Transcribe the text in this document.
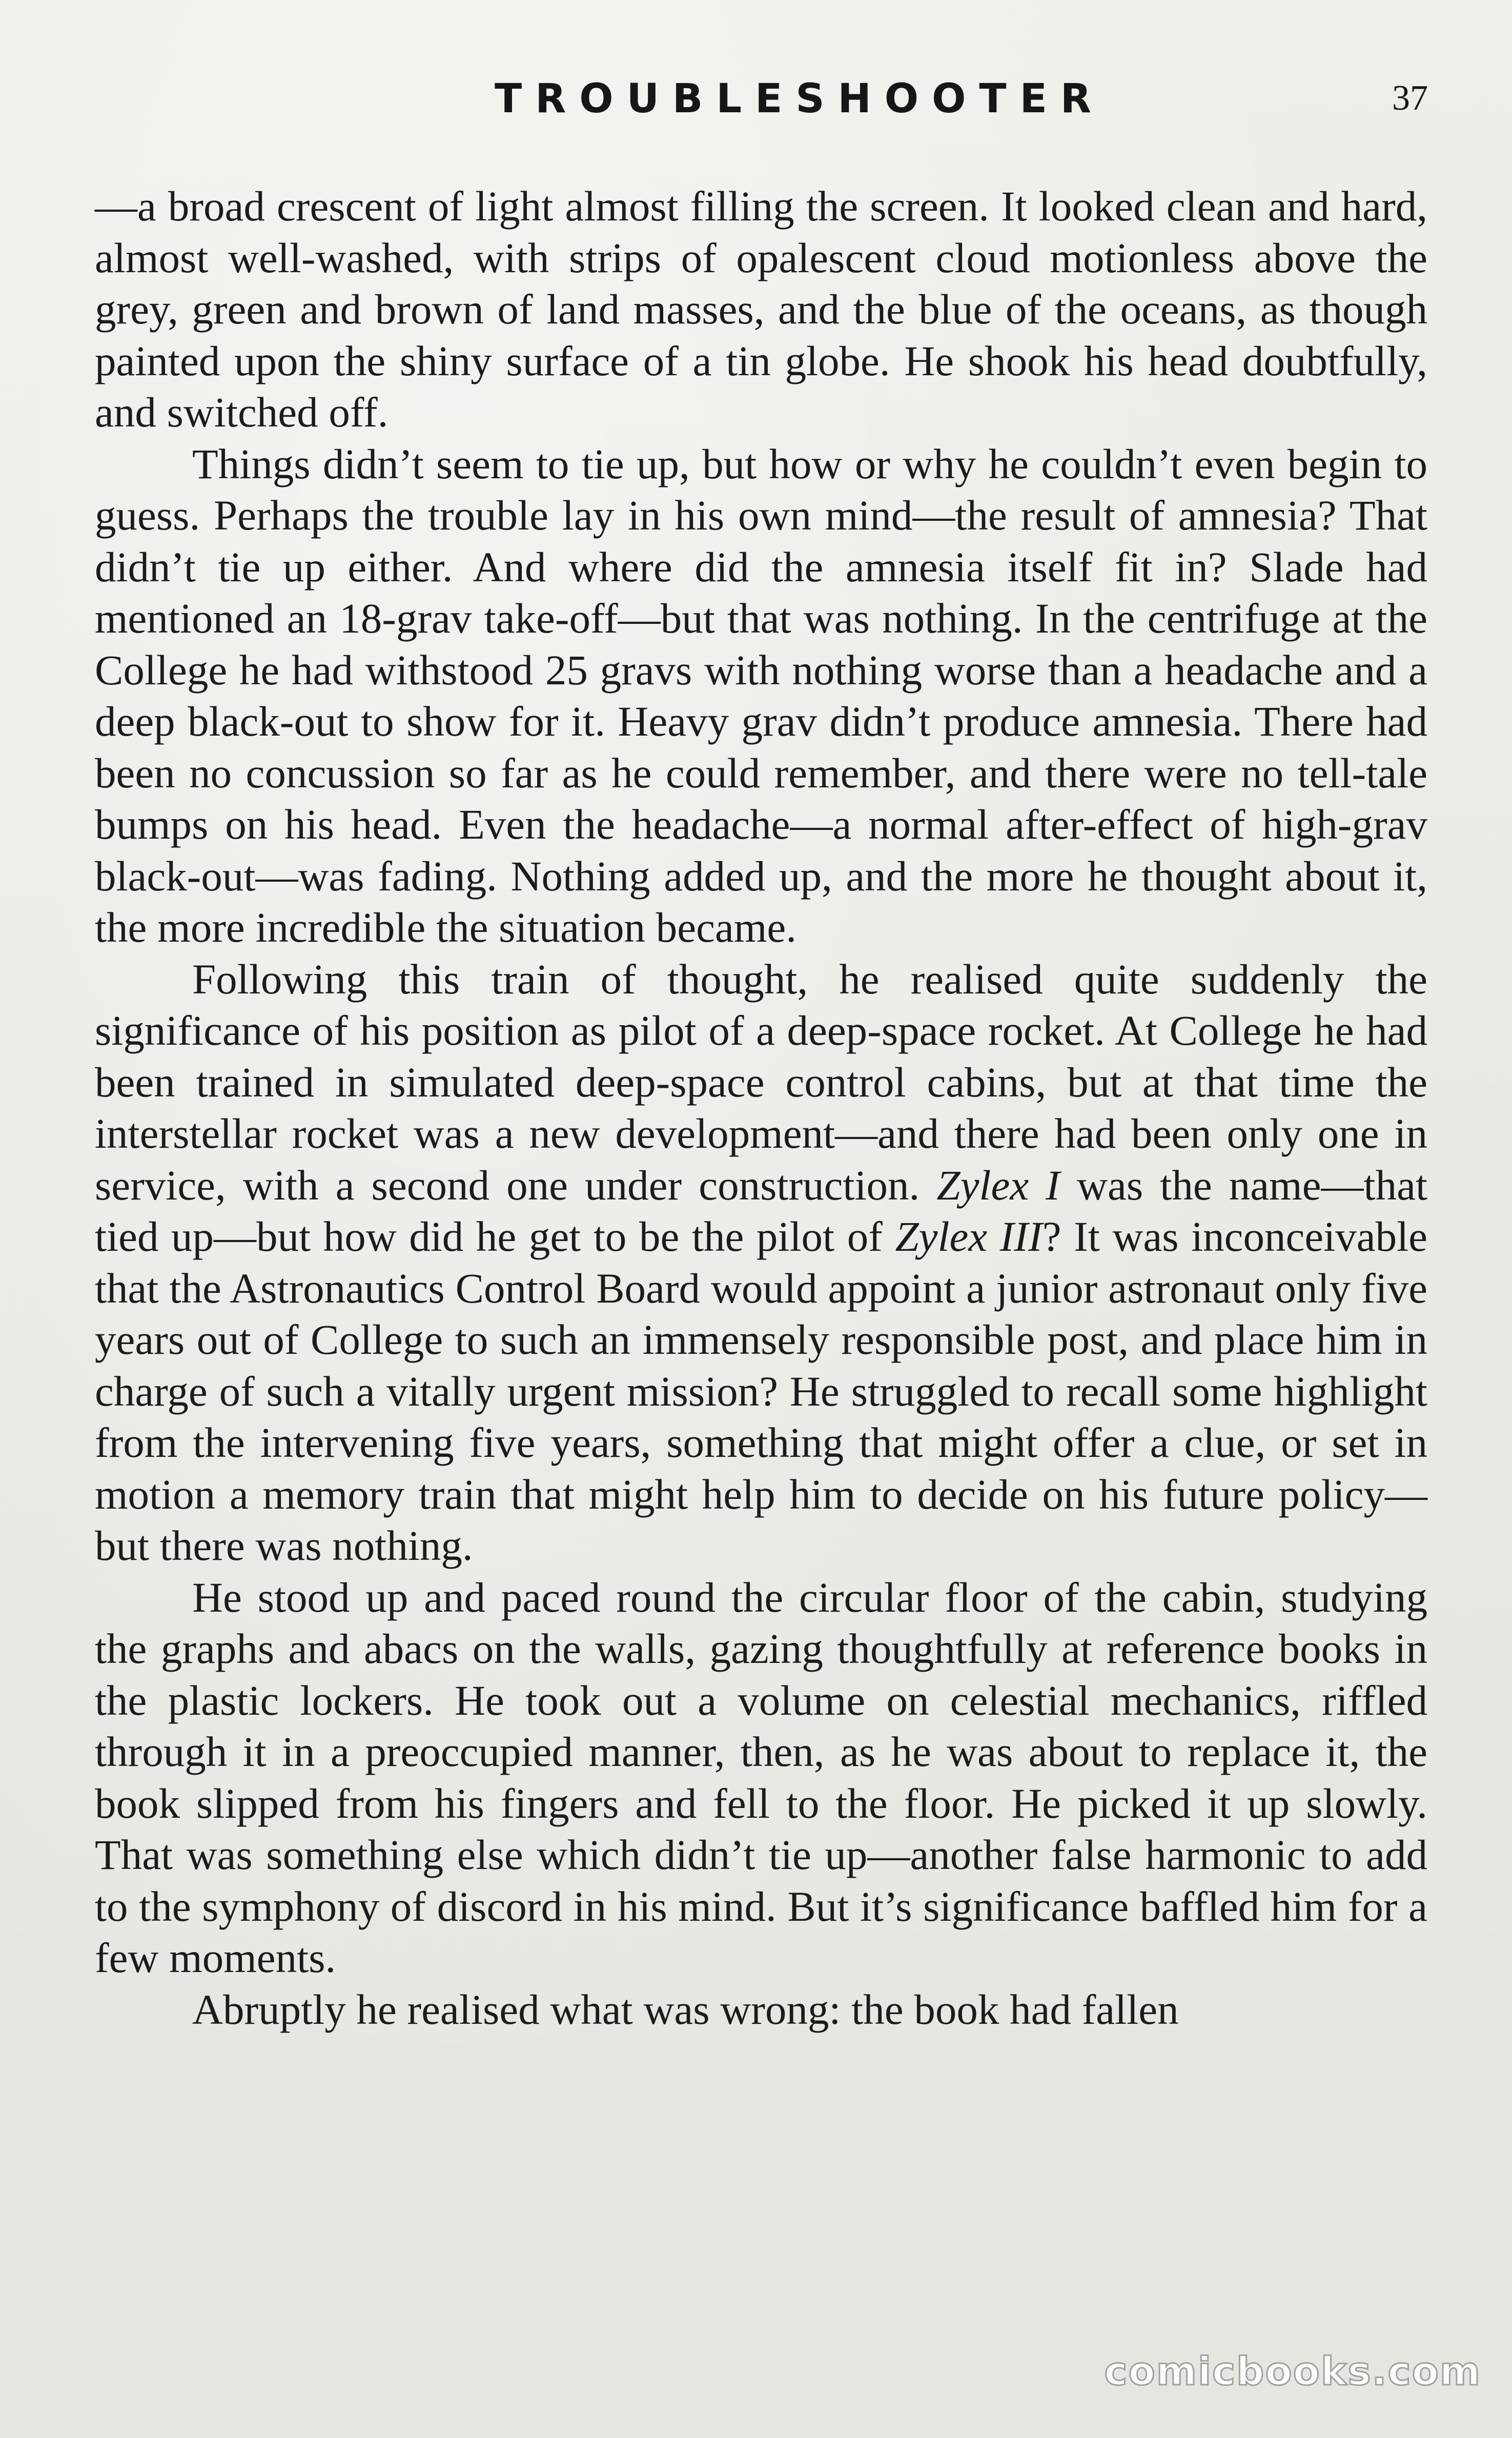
TROUBLESHOOTER	37

—a broad crescent of light almost filling the screen. It looked clean and hard, almost well-washed, with strips of opalescent cloud motionless above the grey, green and brown of land masses, and the blue of the oceans, as though painted upon the shiny surface of a tin globe. He shook his head doubtfully, and switched off.

Things didn’t seem to tie up, but how or why he couldn’t even begin to guess. Perhaps the trouble lay in his own mind—the result of amnesia? That didn’t tie up either. And where did the amnesia itself fit in? Slade had mentioned an 18-grav take-off—but that was nothing. In the centrifuge at the College he had withstood 25 gravs with nothing worse than a headache and a deep black-out to show for it. Heavy grav didn’t produce amnesia. There had been no concussion so far as he could remember, and there were no tell-tale bumps on his head. Even the headache—a normal after-effect of high-grav black-out—was fading. Nothing added up, and the more he thought about it, the more incredible the situation became.

Following this train of thought, he realised quite suddenly the significance of his position as pilot of a deep-space rocket. At College he had been trained in simulated deep-space control cabins, but at that time the interstellar rocket was a new development—and there had been only one in service, with a second one under construction. Zylex I was the name—that tied up—but how did he get to be the pilot of Zylex III? It was inconceivable that the Astronautics Control Board would appoint a junior astronaut only five years out of College to such an immensely responsible post, and place him in charge of such a vitally urgent mission? He struggled to recall some highlight from the intervening five years, something that might offer a clue, or set in motion a memory train that might help him to decide on his future policy—but there was nothing.

He stood up and paced round the circular floor of the cabin, studying the graphs and abacs on the walls, gazing thoughtfully at reference books in the plastic lockers. He took out a volume on celestial mechanics, riffled through it in a preoccupied manner, then, as he was about to replace it, the book slipped from his fingers and fell to the floor. He picked it up slowly. That was something else which didn’t tie up—another false harmonic to add to the symphony of discord in his mind. But it’s significance baffled him for a few moments.

Abruptly he realised what was wrong: the book had fallen

comicbooks.com
